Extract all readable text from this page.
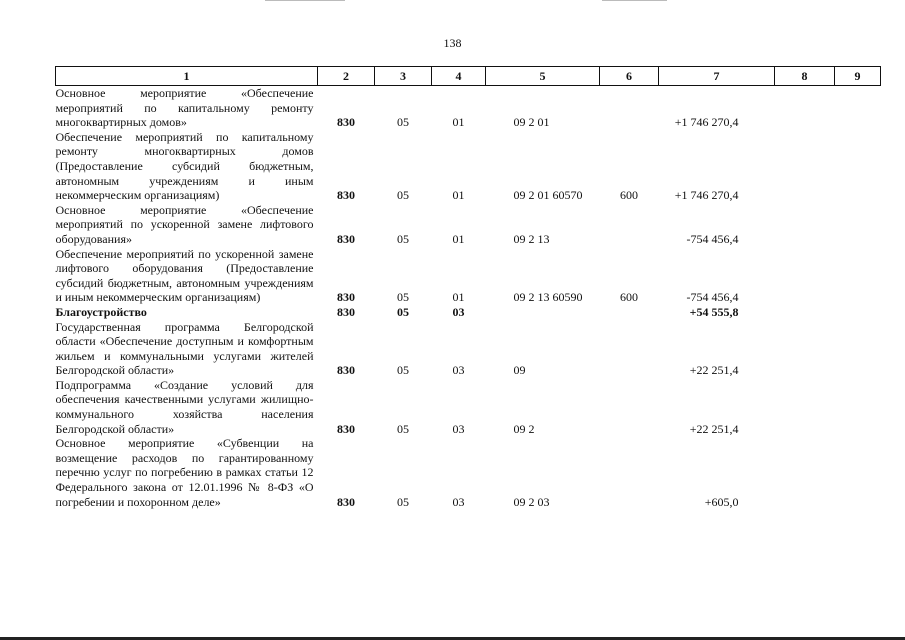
138
1	2	3	4	5	6	7	8	9
Основное мероприятие «Обеспечение мероприятий по капитальному ремонту многоквартирных домов»	830	05	01	09 2 01		+1 746 270,4		
Обеспечение мероприятий по капитальному ремонту многоквартирных домов (Предоставление субсидий бюджетным, автономным учреждениям и иным некоммерческим организациям)	830	05	01	09 2 01 60570	600	+1 746 270,4		
Основное мероприятие «Обеспечение мероприятий по ускоренной замене лифтового оборудования»	830	05	01	09 2 13		-754 456,4		
Обеспечение мероприятий по ускоренной замене лифтового оборудования (Предоставление субсидий бюджетным, автономным учреждениям и иным некоммерческим организациям)	830	05	01	09 2 13 60590	600	-754 456,4		
Благоустройство	830	05	03			+54 555,8		
Государственная программа Белгородской области «Обеспечение доступным и комфортным жильем и коммунальными услугами жителей Белгородской области»	830	05	03	09		+22 251,4		
Подпрограмма «Создание условий для обеспечения качественными услугами жилищно-коммунального хозяйства населения Белгородской области»	830	05	03	09 2		+22 251,4		
Основное мероприятие «Субвенции на возмещение расходов по гарантированному перечню услуг по погребению в рамках статьи 12 Федерального закона от 12.01.1996 № 8-ФЗ «О погребении и похоронном деле»	830	05	03	09 2 03		+605,0		
